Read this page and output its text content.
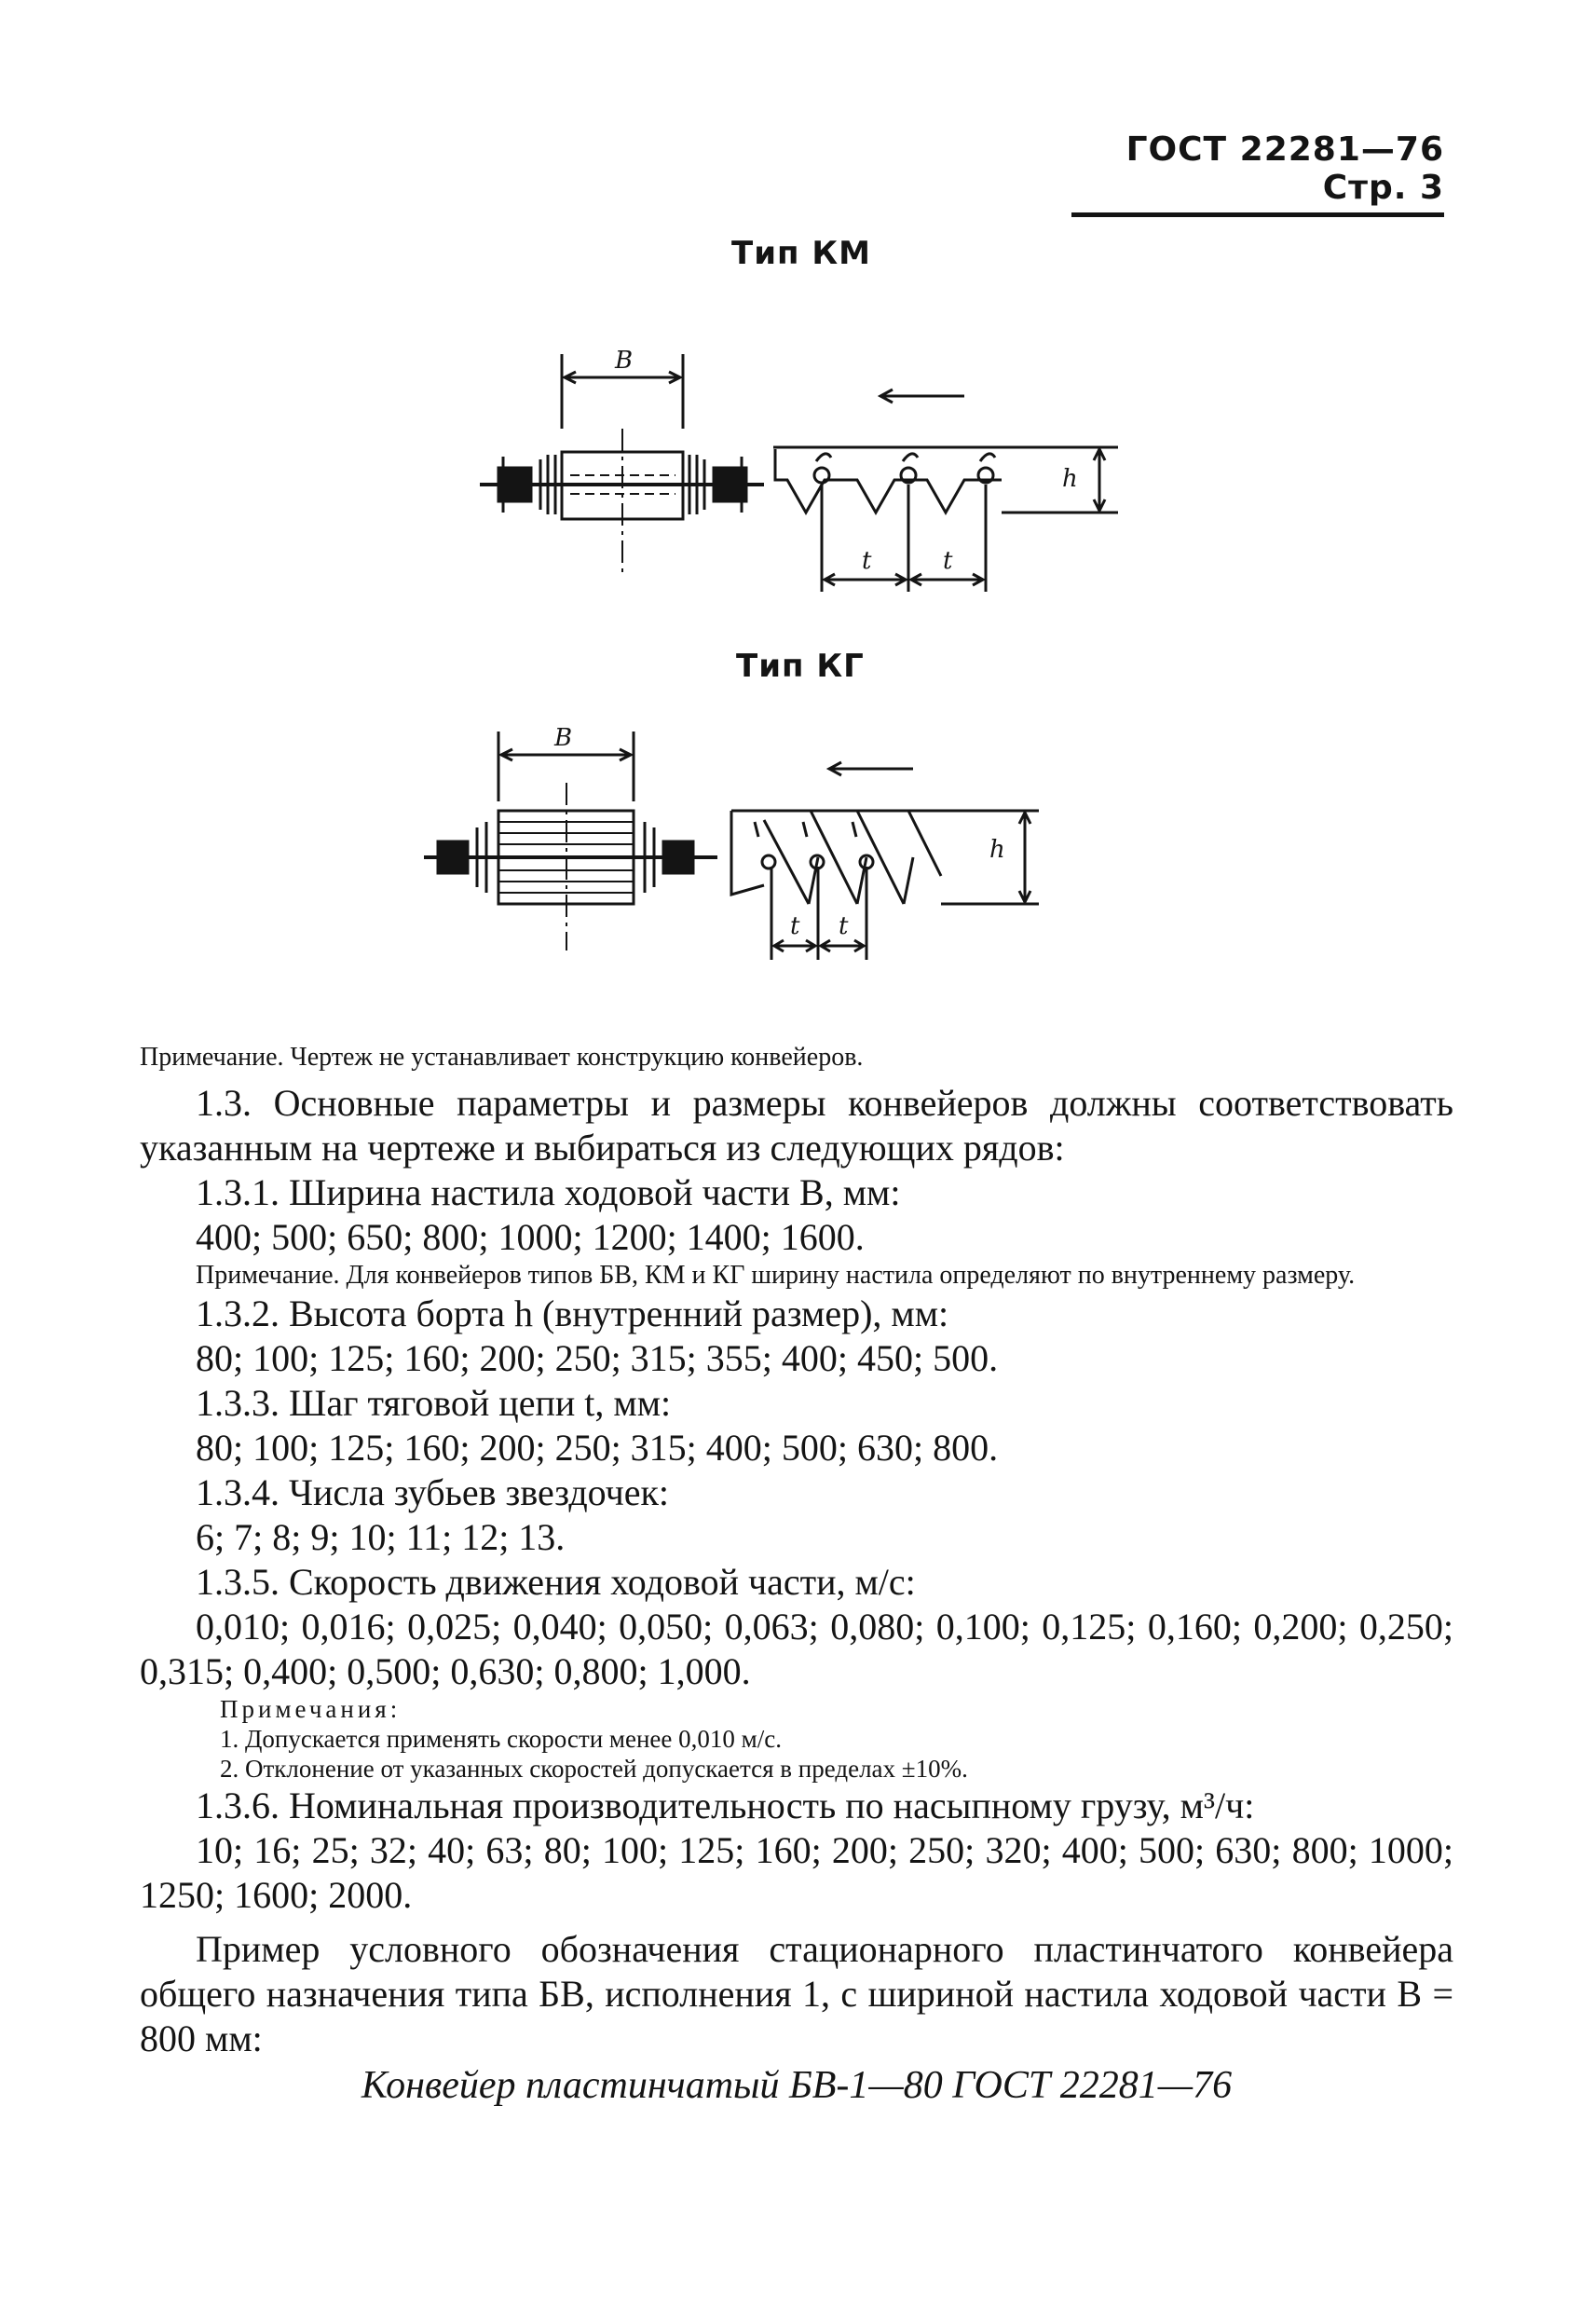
ГОСТ 22281—76 Стр. 3
Тип КМ
B
h
t	t
Тип КГ
B
h
t t

Примечание. Чертеж не устанавливает конструкцию конвейеров.

1.3. Основные параметры и размеры конвейеров должны соответствовать указанным на чертеже и выбираться из следующих рядов:

1.3.1. Ширина настила ходовой части B, мм:

400; 500; 650; 800; 1000; 1200; 1400; 1600.

Примечание. Для конвейеров типов БВ, КМ и КГ ширину настила определяют по внутреннему размеру.

1.3.2. Высота борта h (внутренний размер), мм:

80; 100; 125; 160; 200; 250; 315; 355; 400; 450; 500.

1.3.3. Шаг тяговой цепи t, мм:

80; 100; 125; 160; 200; 250; 315; 400; 500; 630; 800.

1.3.4. Числа зубьев звездочек:

6; 7; 8; 9; 10; 11; 12; 13.

1.3.5. Скорость движения ходовой части, м/с:

0,010; 0,016; 0,025; 0,040; 0,050; 0,063; 0,080; 0,100; 0,125; 0,160; 0,200; 0,250; 0,315; 0,400; 0,500; 0,630; 0,800; 1,000.

Примечания:

1. Допускается применять скорости менее 0,010 м/с.

2. Отклонение от указанных скоростей допускается в пределах ±10%.

1.3.6. Номинальная производительность по насыпному грузу, м³/ч:

10; 16; 25; 32; 40; 63; 80; 100; 125; 160; 200; 250; 320; 400; 500; 630; 800; 1000; 1250; 1600; 2000.

Пример условного обозначения стационарного пластинчатого конвейера общего назначения типа БВ, исполнения 1, с шириной настила ходовой части B = 800 мм:

Конвейер пластинчатый БВ-1—80 ГОСТ 22281—76
